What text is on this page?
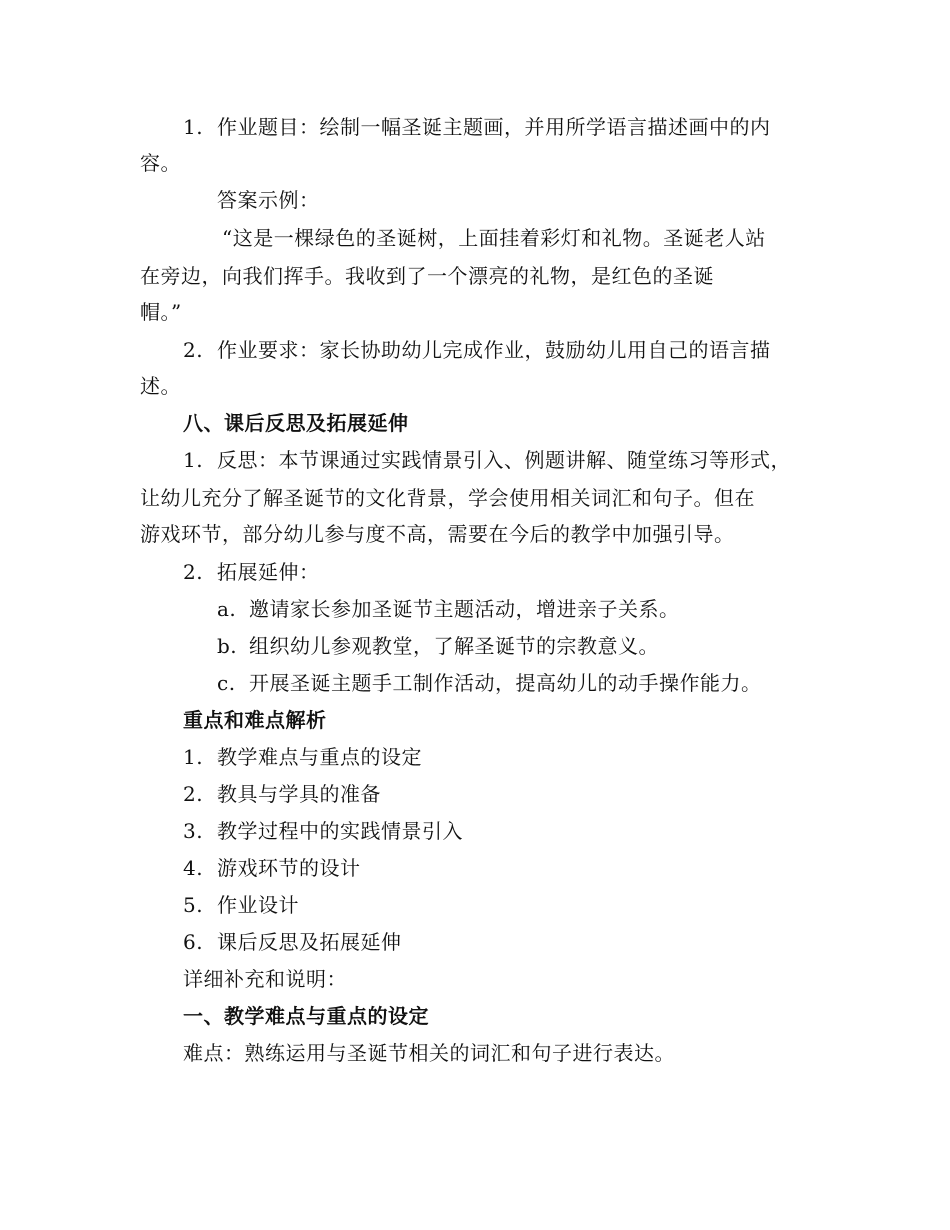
1. 作业题目：绘制一幅圣诞主题画，并用所学语言描述画中的内
容。
答案示例：
“这是一棵绿色的圣诞树，上面挂着彩灯和礼物。圣诞老人站
在旁边，向我们挥手。我收到了一个漂亮的礼物，是红色的圣诞
帽。”
2. 作业要求：家长协助幼儿完成作业，鼓励幼儿用自己的语言描
述。
八、课后反思及拓展延伸
1. 反思：本节课通过实践情景引入、例题讲解、随堂练习等形式，
让幼儿充分了解圣诞节的文化背景，学会使用相关词汇和句子。但在
游戏环节，部分幼儿参与度不高，需要在今后的教学中加强引导。
2. 拓展延伸：
a. 邀请家长参加圣诞节主题活动，增进亲子关系。
b. 组织幼儿参观教堂，了解圣诞节的宗教意义。
c. 开展圣诞主题手工制作活动，提高幼儿的动手操作能力。
重点和难点解析
1. 教学难点与重点的设定
2. 教具与学具的准备
3. 教学过程中的实践情景引入
4. 游戏环节的设计
5. 作业设计
6. 课后反思及拓展延伸
详细补充和说明：
一、教学难点与重点的设定
难点：熟练运用与圣诞节相关的词汇和句子进行表达。
